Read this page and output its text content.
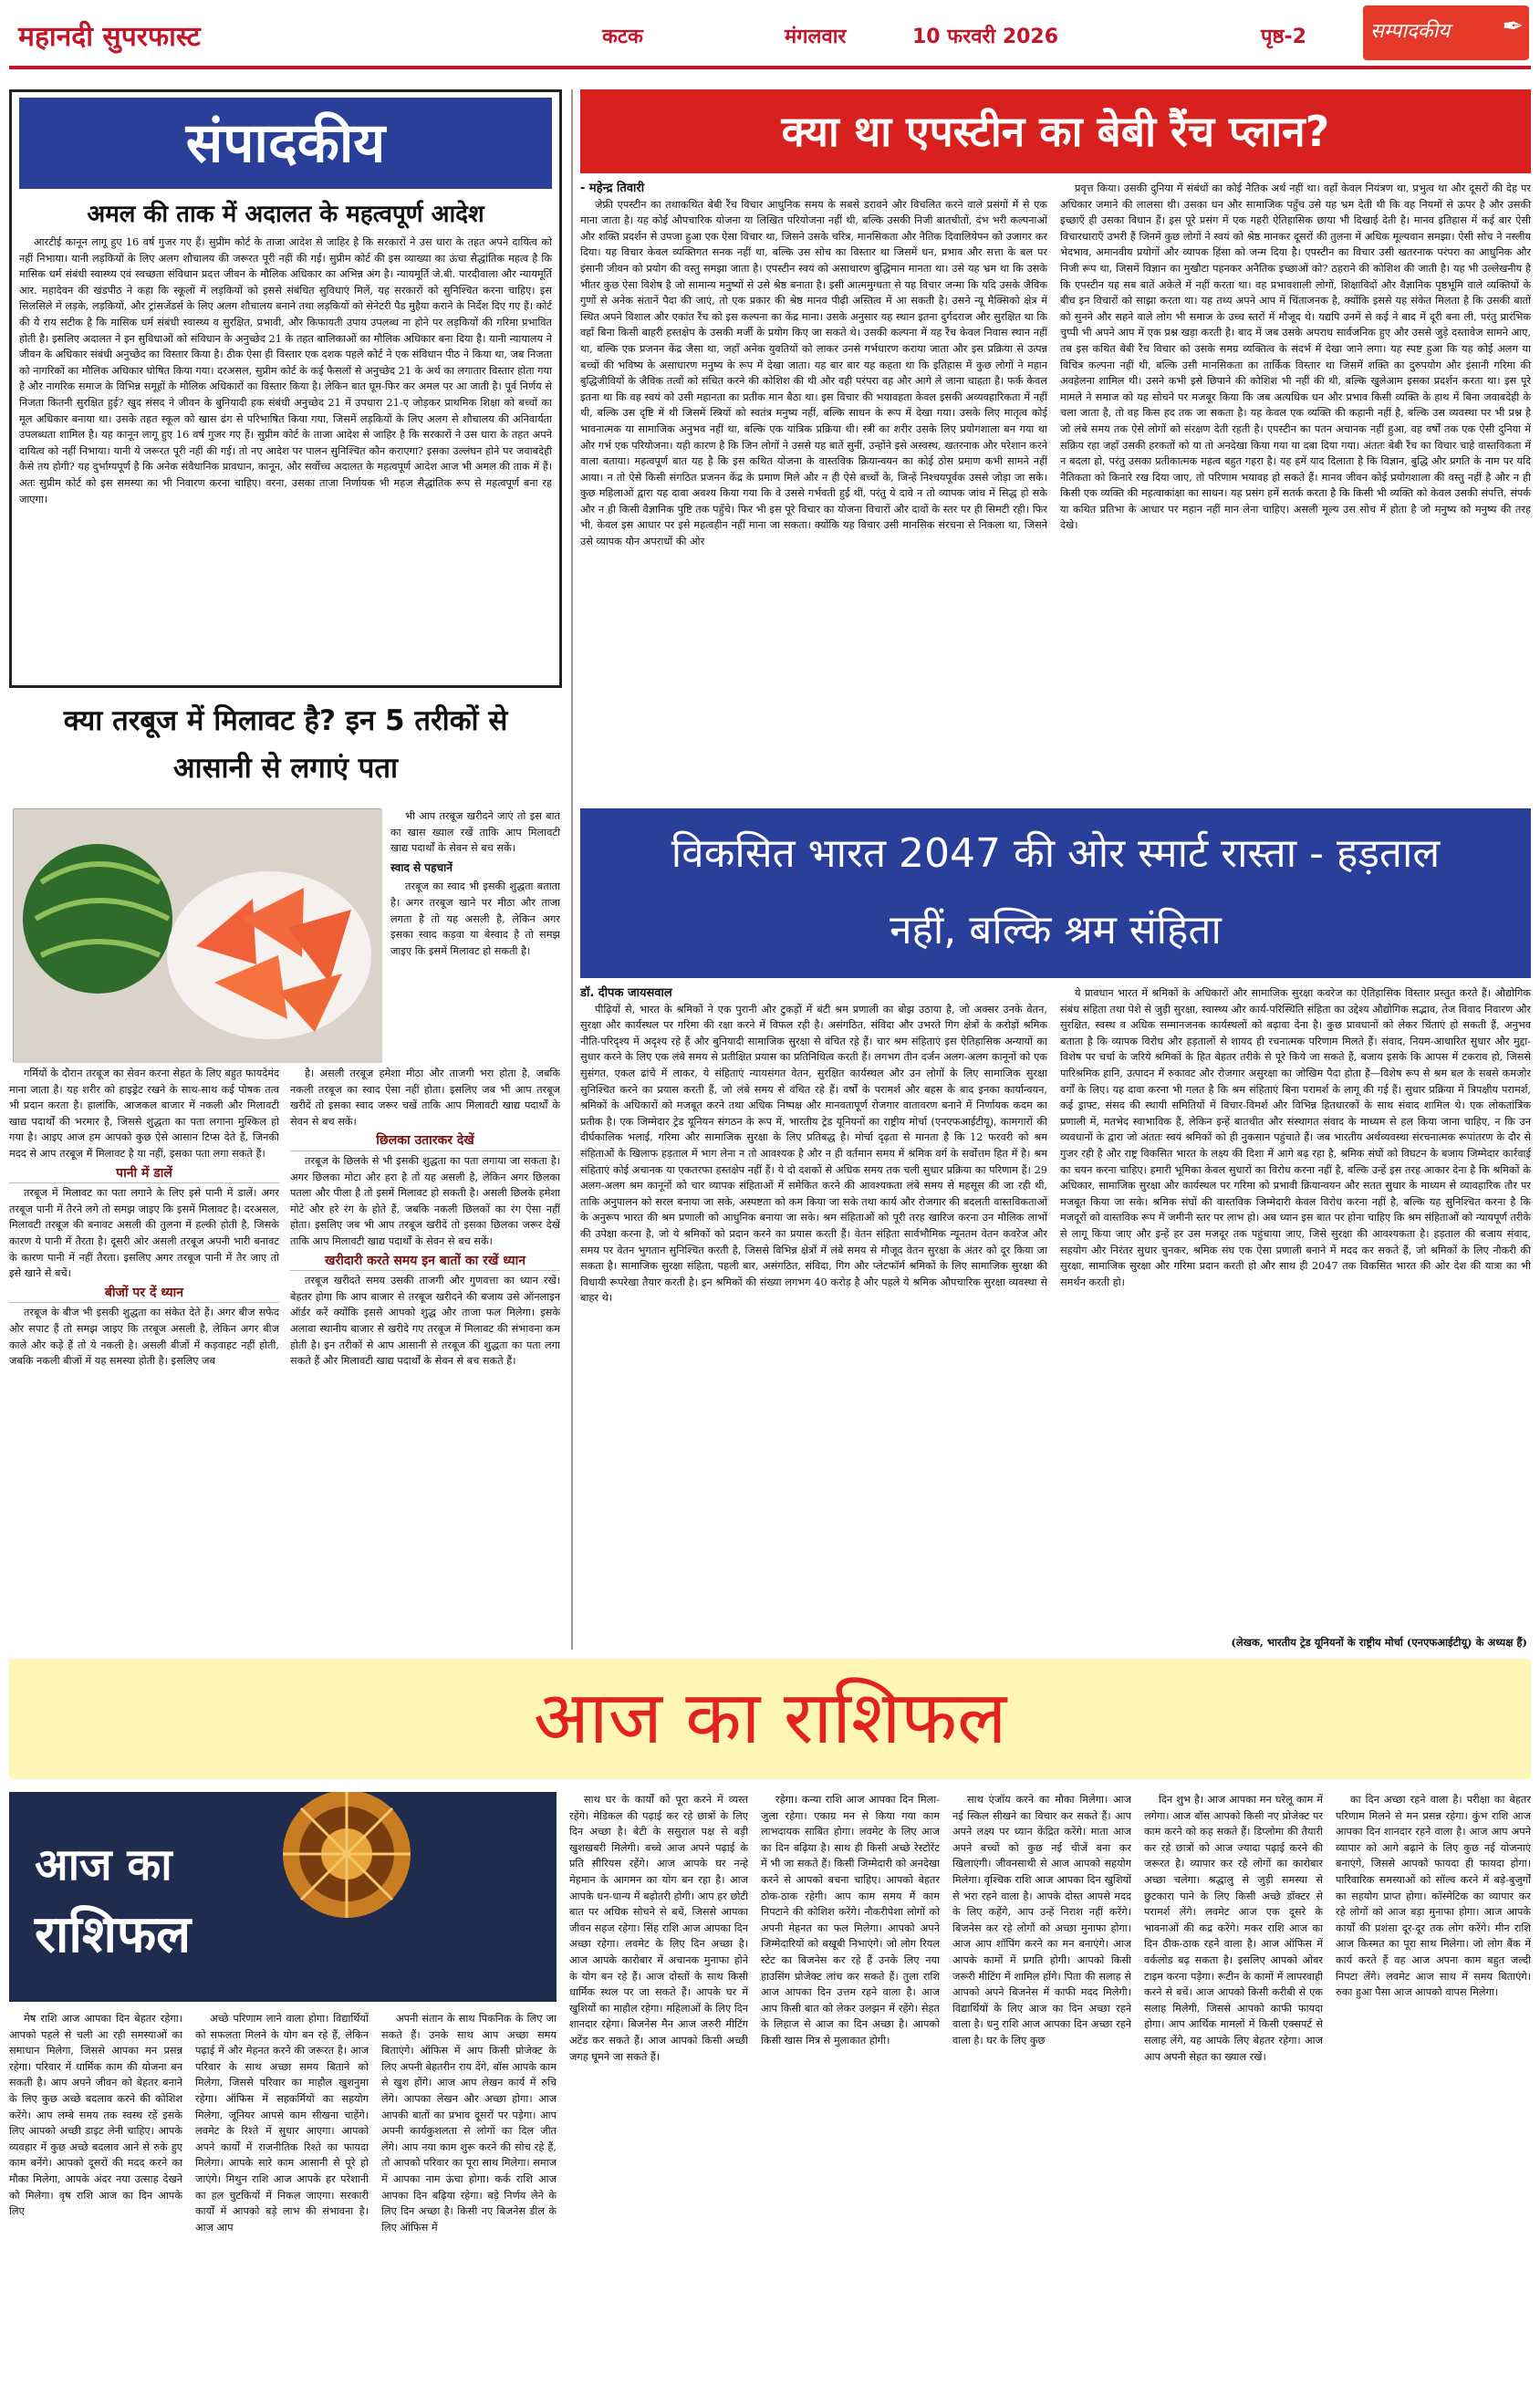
महानदी सुपरफास्ट	कटक	मंगलवार	10 फरवरी 2026	पृष्ठ-2	सम्पादकीय ✒
संपादकीय
अमल की ताक में अदालत के महत्वपूर्ण आदेश

आरटीई कानून लागू हुए 16 वर्ष गुजर गए हैं। सुप्रीम कोर्ट के ताजा आदेश से जाहिर है कि सरकारों ने उस धारा के तहत अपने दायित्व को नहीं निभाया। यानी लड़कियों के लिए अलग शौचालय की जरूरत पूरी नहीं की गई। सुप्रीम कोर्ट की इस व्याख्या का ऊंचा सैद्धांतिक महत्व है कि मासिक धर्म संबंधी स्वास्थ्य एवं स्वच्छता संविधान प्रदत्त जीवन के मौलिक अधिकार का अभिन्न अंग है। न्यायमूर्ति जे.बी. पारदीवाला और न्यायमूर्ति आर. महादेवन की खंडपीठ ने कहा कि स्कूलों में लड़कियों को इससे संबंधित सुविधाएं मिलें, यह सरकारों को सुनिश्चित करना चाहिए। इस सिलसिले में लड़के, लड़कियों, और ट्रांसजेंडर्स के लिए अलग शौचालय बनाने तथा लड़कियों को सेनेटरी पैड मुहैया कराने के निर्देश दिए गए हैं। कोर्ट की ये राय सटीक है कि मासिक धर्म संबंधी स्वास्थ्य व सुरक्षित, प्रभावी, और किफायती उपाय उपलब्ध ना होने पर लड़कियों की गरिमा प्रभावित होती है। इसलिए अदालत ने इन सुविधाओं को संविधान के अनुच्छेद 21 के तहत बालिकाओं का मौलिक अधिकार बना दिया है। यानी न्यायालय ने जीवन के अधिकार संबंधी अनुच्छेद का विस्तार किया है। ठीक ऐसा ही विस्तार एक दशक पहले कोर्ट ने एक संविधान पीठ ने किया था, जब निजता को नागरिकों का मौलिक अधिकार घोषित किया गया। दरअसल, सुप्रीम कोर्ट के कई फैसलों से अनुच्छेद 21 के अर्थ का लगातार विस्तार होता गया है और नागरिक समाज के विभिन्न समूहों के मौलिक अधिकारों का विस्तार किया है। लेकिन बात घूम-फिर कर अमल पर आ जाती है। पूर्व निर्णय से निजता कितनी सुरक्षित हुई? खुद संसद ने जीवन के बुनियादी हक संबंधी अनुच्छेद 21 में उपधारा 21-ए जोड़कर प्राथमिक शिक्षा को बच्चों का मूल अधिकार बनाया था। उसके तहत स्कूल को खास ढंग से परिभाषित किया गया, जिसमें लड़कियों के लिए अलग से शौचालय की अनिवार्यता उपलब्धता शामिल है। यह कानून लागू हुए 16 वर्ष गुजर गए हैं। सुप्रीम कोर्ट के ताजा आदेश से जाहिर है कि सरकारों ने उस धारा के तहत अपने दायित्व को नहीं निभाया। यानी ये जरूरत पूरी नहीं की गई। तो नए आदेश पर पालन सुनिश्चित कौन कराएगा? इसका उल्लंघन होने पर जवाबदेही कैसे तय होगी? यह दुर्भाग्यपूर्ण है कि अनेक संवैधानिक प्रावधान, कानून, और सर्वोच्च अदालत के महत्वपूर्ण आदेश आज भी अमल की ताक में हैं। अतः सुप्रीम कोर्ट को इस समस्या का भी निवारण करना चाहिए। वरना, उसका ताजा निर्णायक भी महज सैद्धांतिक रूप से महत्वपूर्ण बना रह जाएगा।

क्या तरबूज में मिलावट है? इन 5 तरीकों से
आसानी से लगाएं पता

भी आप तरबूज खरीदने जाएं तो इस बात का खास ख्याल रखें ताकि आप मिलावटी खाद्य पदार्थों के सेवन से बच सकें।

स्वाद से पहचानें

तरबूज का स्वाद भी इसकी शुद्धता बताता है। अगर तरबूज खाने पर मीठा और ताजा लगता है तो यह असली है, लेकिन अगर इसका स्वाद कड़वा या बेस्वाद है तो समझ जाइए कि इसमें मिलावट हो सकती है।

गर्मियों के दौरान तरबूज का सेवन करना सेहत के लिए बहुत फायदेमंद माना जाता है। यह शरीर को हाइड्रेट रखने के साथ-साथ कई पोषक तत्व भी प्रदान करता है। हालांकि, आजकल बाजार में नकली और मिलावटी खाद्य पदार्थों की भरमार है, जिससे शुद्धता का पता लगाना मुश्किल हो गया है। आइए आज हम आपको कुछ ऐसे आसान टिप्स देते हैं, जिनकी मदद से आप तरबूज में मिलावट है या नहीं, इसका पता लगा सकते हैं।

पानी में डालें

तरबूज में मिलावट का पता लगाने के लिए इसे पानी में डालें। अगर तरबूज पानी में तैरने लगे तो समझ जाइए कि इसमें मिलावट है। दरअसल, मिलावटी तरबूज की बनावट असली की तुलना में हल्की होती है, जिसके कारण ये पानी में तैरता है। दूसरी ओर असली तरबूज अपनी भारी बनावट के कारण पानी में नहीं तैरता। इसलिए अगर तरबूज पानी में तैर जाए तो इसे खाने से बचें।

बीजों पर दें ध्यान

तरबूज के बीज भी इसकी शुद्धता का संकेत देते हैं। अगर बीज सफेद और सपाट हैं तो समझ जाइए कि तरबूज असली है, लेकिन अगर बीज काले और कड़े हैं तो ये नकली है। असली बीजों में कड़वाहट नहीं होती, जबकि नकली बीजों में यह समस्या होती है। इसलिए जब

है। असली तरबूज हमेशा मीठा और ताजगी भरा होता है, जबकि नकली तरबूज का स्वाद ऐसा नहीं होता। इसलिए जब भी आप तरबूज खरीदें तो इसका स्वाद जरूर चखें ताकि आप मिलावटी खाद्य पदार्थों के सेवन से बच सकें।

छिलका उतारकर देखें

तरबूज के छिलके से भी इसकी शुद्धता का पता लगाया जा सकता है। अगर छिलका मोटा और हरा है तो यह असली है, लेकिन अगर छिलका पतला और पीला है तो इसमें मिलावट हो सकती है। असली छिलके हमेशा मोटे और हरे रंग के होते हैं, जबकि नकली छिलकों का रंग ऐसा नहीं होता। इसलिए जब भी आप तरबूज खरीदें तो इसका छिलका जरूर देखें ताकि आप मिलावटी खाद्य पदार्थों के सेवन से बच सकें।

खरीदारी करते समय इन बातों का रखें ध्यान

तरबूज खरीदते समय उसकी ताजगी और गुणवत्ता का ध्यान रखें। बेहतर होगा कि आप बाजार से तरबूज खरीदने की बजाय उसे ऑनलाइन ऑर्डर करें क्योंकि इससे आपको शुद्ध और ताजा फल मिलेगा। इसके अलावा स्थानीय बाजार से खरीदे गए तरबूज में मिलावट की संभावना कम होती है। इन तरीकों से आप आसानी से तरबूज की शुद्धता का पता लगा सकते हैं और मिलावटी खाद्य पदार्थों के सेवन से बच सकते हैं।

क्या था एपस्टीन का बेबी रैंच प्लान?
- महेन्द्र तिवारी

जेफ्री एपस्टीन का तथाकथित बेबी रैंच विचार आधुनिक समय के सबसे डरावने और विचलित करने वाले प्रसंगों में से एक माना जाता है। यह कोई औपचारिक योजना या लिखित परियोजना नहीं थी, बल्कि उसकी निजी बातचीतों, दंभ भरी कल्पनाओं और शक्ति प्रदर्शन से उपजा हुआ एक ऐसा विचार था, जिसने उसके चरित्र, मानसिकता और नैतिक दिवालियेपन को उजागर कर दिया। यह विचार केवल व्यक्तिगत सनक नहीं था, बल्कि उस सोच का विस्तार था जिसमें धन, प्रभाव और सत्ता के बल पर इंसानी जीवन को प्रयोग की वस्तु समझा जाता है। एपस्टीन स्वयं को असाधारण बुद्धिमान मानता था। उसे यह भ्रम था कि उसके भीतर कुछ ऐसा विशेष है जो सामान्य मनुष्यों से उसे श्रेष्ठ बनाता है। इसी आत्ममुग्धता से यह विचार जन्मा कि यदि उसके जैविक गुणों से अनेक संतानें पैदा की जाएं, तो एक प्रकार की श्रेष्ठ मानव पीढ़ी अस्तित्व में आ सकती है। उसने न्यू मैक्सिको क्षेत्र में स्थित अपने विशाल और एकांत रैंच को इस कल्पना का केंद्र माना। उसके अनुसार यह स्थान इतना दुर्गदराज और सुरक्षित था कि वहाँ बिना किसी बाहरी हस्तक्षेप के उसकी मर्जी के प्रयोग किए जा सकते थे। उसकी कल्पना में यह रैंच केवल निवास स्थान नहीं था, बल्कि एक प्रजनन केंद्र जैसा था, जहाँ अनेक युवतियों को लाकर उनसे गर्भधारण कराया जाता और इस प्रक्रिया से उत्पन्न बच्चों की भविष्य के असाधारण मनुष्य के रूप में देखा जाता। यह बार बार यह कहता था कि इतिहास में कुछ लोगों ने महान बुद्धिजीवियों के जैविक तत्वों को संचित करने की कोशिश की थी और वही परंपरा वह और आगे ले जाना चाहता है। फर्क केवल इतना था कि वह स्वयं को उसी महानता का प्रतीक मान बैठा था। इस विचार की भयावहता केवल इसकी अव्यवहारिकता में नहीं थी, बल्कि उस दृष्टि में थी जिसमें स्त्रियों को स्वतंत्र मनुष्य नहीं, बल्कि साधन के रूप में देखा गया। उसके लिए मातृत्व कोई भावनात्मक या सामाजिक अनुभव नहीं था, बल्कि एक यांत्रिक प्रक्रिया थी। स्त्री का शरीर उसके लिए प्रयोगशाला बन गया था और गर्भ एक परियोजना। यही कारण है कि जिन लोगों ने उससे यह बातें सुनीं, उन्होंने इसे अस्वस्थ, खतरनाक और परेशान करने वाला बताया। महत्वपूर्ण बात यह है कि इस कथित योजना के वास्तविक क्रियान्वयन का कोई ठोस प्रमाण कभी सामने नहीं आया। न तो ऐसे किसी संगठित प्रजनन केंद्र के प्रमाण मिले और न ही ऐसे बच्चों के, जिन्हें निश्चयपूर्वक उससे जोड़ा जा सके। कुछ महिलाओं द्वारा यह दावा अवश्य किया गया कि वे उससे गर्भवती हुई थीं, परंतु ये दावे न तो व्यापक जांच में सिद्ध हो सके और न ही किसी वैज्ञानिक पुष्टि तक पहुँचे। फिर भी इस पूरे विचार का योजना विचारों और दावों के स्तर पर ही सिमटी रही। फिर भी, केवल इस आधार पर इसे महत्वहीन नहीं माना जा सकता। क्योंकि यह विचार उसी मानसिक संरचना से निकला था, जिसने उसे व्यापक यौन अपराधों की ओर

प्रवृत्त किया। उसकी दुनिया में संबंधों का कोई नैतिक अर्थ नहीं था। वहाँ केवल नियंत्रण था, प्रभुत्व था और दूसरों की देह पर अधिकार जमाने की लालसा थी। उसका धन और सामाजिक पहुँच उसे यह भ्रम देती थी कि वह नियमों से ऊपर है और उसकी इच्छाएँ ही उसका विधान हैं। इस पूरे प्रसंग में एक गहरी ऐतिहासिक छाया भी दिखाई देती है। मानव इतिहास में कई बार ऐसी विचारधाराएँ उभरी हैं जिनमें कुछ लोगों ने स्वयं को श्रेष्ठ मानकर दूसरों की तुलना में अधिक मूल्यवान समझा। ऐसी सोच ने नस्लीय भेदभाव, अमानवीय प्रयोगों और व्यापक हिंसा को जन्म दिया है। एपस्टीन का विचार उसी खतरनाक परंपरा का आधुनिक और निजी रूप था, जिसमें विज्ञान का मुखौटा पहनकर अनैतिक इच्छाओं को? ठहराने की कोशिश की जाती है। यह भी उल्लेखनीय है कि एपस्टीन यह सब बातें अकेले में नहीं करता था। वह प्रभावशाली लोगों, शिक्षाविदों और वैज्ञानिक पृष्ठभूमि वाले व्यक्तियों के बीच इन विचारों को साझा करता था। यह तथ्य अपने आप में चिंताजनक है, क्योंकि इससे यह संकेत मिलता है कि उसकी बातों को सुनने और सहने वाले लोग भी समाज के उच्च स्तरों में मौजूद थे। यद्यपि उनमें से कई ने बाद में दूरी बना ली, परंतु प्रारंभिक चुप्पी भी अपने आप में एक प्रश्न खड़ा करती है। बाद में जब उसके अपराध सार्वजनिक हुए और उससे जुड़े दस्तावेज सामने आए, तब इस कथित बेबी रैंच विचार को उसके समग्र व्यक्तित्व के संदर्भ में देखा जाने लगा। यह स्पष्ट हुआ कि यह कोई अलग या विचित्र कल्पना नहीं थी, बल्कि उसी मानसिकता का तार्किक विस्तार था जिसमें शक्ति का दुरुपयोग और इंसानी गरिमा की अवहेलना शामिल थी। उसने कभी इसे छिपाने की कोशिश भी नहीं की थी, बल्कि खुलेआम इसका प्रदर्शन करता था। इस पूरे मामले ने समाज को यह सोचने पर मजबूर किया कि जब अत्यधिक धन और प्रभाव किसी व्यक्ति के हाथ में बिना जवाबदेही के चला जाता है, तो वह किस हद तक जा सकता है। यह केवल एक व्यक्ति की कहानी नहीं है, बल्कि उस व्यवस्था पर भी प्रश्न है जो लंबे समय तक ऐसे लोगों को संरक्षण देती रहती है। एपस्टीन का पतन अचानक नहीं हुआ, वह वर्षों तक एक ऐसी दुनिया में सक्रिय रहा जहाँ उसकी हरकतों को या तो अनदेखा किया गया या दबा दिया गया। अंततः बेबी रैंच का विचार चाहे वास्तविकता में न बदला हो, परंतु उसका प्रतीकात्मक महत्व बहुत गहरा है। यह हमें याद दिलाता है कि विज्ञान, बुद्धि और प्रगति के नाम पर यदि नैतिकता को किनारे रख दिया जाए, तो परिणाम भयावह हो सकते हैं। मानव जीवन कोई प्रयोगशाला की वस्तु नहीं है और न ही किसी एक व्यक्ति की महत्वाकांक्षा का साधन। यह प्रसंग हमें सतर्क करता है कि किसी भी व्यक्ति को केवल उसकी संपत्ति, संपर्क या कथित प्रतिभा के आधार पर महान नहीं मान लेना चाहिए। असली मूल्य उस सोच में होता है जो मनुष्य को मनुष्य की तरह देखे।

विकसित भारत 2047 की ओर स्मार्ट रास्ता - हड़ताल
नहीं, बल्कि श्रम संहिता
डॉ. दीपक जायसवाल

पीढ़ियों से, भारत के श्रमिकों ने एक पुरानी और टुकड़ों में बंटी श्रम प्रणाली का बोझ उठाया है, जो अक्सर उनके वेतन, सुरक्षा और कार्यस्थल पर गरिमा की रक्षा करने में विफल रही है। असंगठित, संविदा और उभरते गिग क्षेत्रों के करोड़ों श्रमिक नीति-परिदृश्य में अदृश्य रहे हैं और बुनियादी सामाजिक सुरक्षा से वंचित रहे हैं। चार श्रम संहिताएं इस ऐतिहासिक अन्यायों का सुधार करने के लिए एक लंबे समय से प्रतीक्षित प्रयास का प्रतिनिधित्व करती हैं। लगभग तीन दर्जन अलग-अलग कानूनों को एक सुसंगत, एकल ढांचे में लाकर, ये संहिताएं न्यायसंगत वेतन, सुरक्षित कार्यस्थल और उन लोगों के लिए सामाजिक सुरक्षा सुनिश्चित करने का प्रयास करती हैं, जो लंबे समय से वंचित रहे हैं। वर्षों के परामर्श और बहस के बाद इनका कार्यान्वयन, श्रमिकों के अधिकारों को मजबूत करने तथा अधिक निष्पक्ष और मानवतापूर्ण रोजगार वातावरण बनाने में निर्णायक कदम का प्रतीक है। एक जिम्मेदार ट्रेड यूनियन संगठन के रूप में, भारतीय ट्रेड यूनियनों का राष्ट्रीय मोर्चा (एनएफआईटीयू), कामगारों की दीर्घकालिक भलाई, गरिमा और सामाजिक सुरक्षा के लिए प्रतिबद्ध है। मोर्चा दृढ़ता से मानता है कि 12 फरवरी को श्रम संहिताओं के खिलाफ हड़ताल में भाग लेना न तो आवश्यक है और न ही वर्तमान समय में श्रमिक वर्ग के सर्वोत्तम हित में है। श्रम संहिताएं कोई अचानक या एकतरफा हस्तक्षेप नहीं हैं। ये दो दशकों से अधिक समय तक चली सुधार प्रक्रिया का परिणाम हैं। 29 अलग-अलग श्रम कानूनों को चार व्यापक संहिताओं में समेकित करने की आवश्यकता लंबे समय से महसूस की जा रही थी, ताकि अनुपालन को सरल बनाया जा सके, अस्पष्टता को कम किया जा सके तथा कार्य और रोजगार की बदलती वास्तविकताओं के अनुरूप भारत की श्रम प्रणाली को आधुनिक बनाया जा सके। श्रम संहिताओं को पूरी तरह खारिज करना उन मौलिक लाभों की उपेक्षा करना है, जो ये श्रमिकों को प्रदान करने का प्रयास करती हैं। वेतन संहिता सार्वभौमिक न्यूनतम वेतन कवरेज और समय पर वेतन भुगतान सुनिश्चित करती है, जिससे विभिन्न क्षेत्रों में लंबे समय से मौजूद वेतन सुरक्षा के अंतर को दूर किया जा सकता है। सामाजिक सुरक्षा संहिता, पहली बार, असंगठित, संविदा, गिग और प्लेटफॉर्म श्रमिकों के लिए सामाजिक सुरक्षा की विधायी रूपरेखा तैयार करती है। इन श्रमिकों की संख्या लगभग 40 करोड़ है और पहले ये श्रमिक औपचारिक सुरक्षा व्यवस्था से बाहर थे।

ये प्रावधान भारत में श्रमिकों के अधिकारों और सामाजिक सुरक्षा कवरेज का ऐतिहासिक विस्तार प्रस्तुत करते हैं। औद्योगिक संबंध संहिता तथा पेशे से जुड़ी सुरक्षा, स्वास्थ्य और कार्य-परिस्थिति संहिता का उद्देश्य औद्योगिक सद्भाव, तेज विवाद निवारण और सुरक्षित, स्वस्थ व अधिक सम्मानजनक कार्यस्थलों को बढ़ावा देना है। कुछ प्रावधानों को लेकर चिंताएं हो सकती हैं, अनुभव बताता है कि व्यापक विरोध और हड़तालों से शायद ही रचनात्मक परिणाम मिलते हैं। संवाद, नियम-आधारित सुधार और मुद्दा-विशेष पर चर्चा के जरिये श्रमिकों के हित बेहतर तरीके से पूरे किये जा सकते हैं, बजाय इसके कि आपस में टकराव हो, जिससे पारिश्रमिक हानि, उत्पादन में रुकावट और रोजगार असुरक्षा का जोखिम पैदा होता है—विशेष रूप से श्रम बल के सबसे कमजोर वर्गों के लिए। यह दावा करना भी गलत है कि श्रम संहिताएं बिना परामर्श के लागू की गई हैं। सुधार प्रक्रिया में त्रिपक्षीय परामर्श, कई ड्राफ्ट, संसद की स्थायी समितियों में विचार-विमर्श और विभिन्न हितधारकों के साथ संवाद शामिल थे। एक लोकतांत्रिक प्रणाली में, मतभेद स्वाभाविक हैं, लेकिन इन्हें बातचीत और संस्थागत संवाद के माध्यम से हल किया जाना चाहिए, न कि उन व्यवधानों के द्वारा जो अंततः स्वयं श्रमिकों को ही नुकसान पहुंचाते हैं। जब भारतीय अर्थव्यवस्था संरचनात्मक रूपांतरण के दौर से गुजर रही है और राष्ट्र विकसित भारत के लक्ष्य की दिशा में आगे बढ़ रहा है, श्रमिक संघों को विघटन के बजाय जिम्मेदार कार्रवाई का चयन करना चाहिए। हमारी भूमिका केवल सुधारों का विरोध करना नहीं है, बल्कि उन्हें इस तरह आकार देना है कि श्रमिकों के अधिकार, सामाजिक सुरक्षा और कार्यस्थल पर गरिमा को प्रभावी क्रियान्वयन और सतत सुधार के माध्यम से व्यावहारिक तौर पर मजबूत किया जा सके। श्रमिक संघों की वास्तविक जिम्मेदारी केवल विरोध करना नहीं है, बल्कि यह सुनिश्चित करना है कि मजदूरों को वास्तविक रूप में जमीनी स्तर पर लाभ हो। अब ध्यान इस बात पर होना चाहिए कि श्रम संहिताओं को न्यायपूर्ण तरीके से लागू किया जाए और इन्हें हर उस मजदूर तक पहुंचाया जाए, जिसे सुरक्षा की आवश्यकता है। हड़ताल की बजाय संवाद, सहयोग और निरंतर सुधार चुनकर, श्रमिक संघ एक ऐसा प्रणाली बनाने में मदद कर सकते हैं, जो श्रमिकों के लिए नौकरी की सुरक्षा, सामाजिक सुरक्षा और गरिमा प्रदान करती हो और साथ ही 2047 तक विकसित भारत की ओर देश की यात्रा का भी समर्थन करती हो।

(लेखक, भारतीय ट्रेड यूनियनों के राष्ट्रीय मोर्चा (एनएफआईटीयू) के अध्यक्ष हैं)
आज का राशिफल
आज का
राशिफल

मेष राशि आज आपका दिन बेहतर रहेगा। आपको पहले से चली आ रही समस्याओं का समाधान मिलेगा, जिससे आपका मन प्रसन्न रहेगा। परिवार में धार्मिक काम की योजना बन सकती है। आप अपने जीवन को बेहतर बनाने के लिए कुछ अच्छे बदलाव करने की कोशिश करेंगे। आप लम्बे समय तक स्वस्थ रहें इसके लिए आपको अच्छी डाइट लेनी चाहिए। आपके व्यवहार में कुछ अच्छे बदलाव आने से रुके हुए काम बनेंगे। आपको दूसरों की मदद करने का मौका मिलेगा, आपके अंदर नया उत्साह देखने को मिलेगा। वृष राशि आज का दिन आपके लिए

अच्छे परिणाम लाने वाला होगा। विद्यार्थियों को सफलता मिलने के योग बन रहे हैं, लेकिन पढ़ाई में और मेहनत करने की जरूरत है। आज परिवार के साथ अच्छा समय बिताने को मिलेगा, जिससे परिवार का माहौल खुशनुमा रहेगा। ऑफिस में सहकर्मियों का सहयोग मिलेगा, जूनियर आपसे काम सीखना चाहेंगे। लवमेट के रिश्ते में सुधार आएगा। आपको अपने कार्यों में राजनीतिक रिश्ते का फायदा मिलेगा। आपके सारे काम आसानी से पूरे हो जाएंगे। मिथुन राशि आज आपके हर परेशानी का हल चुटकियों में निकल जाएगा। सरकारी कार्यों में आपको बड़े लाभ की संभावना है। आज आप

अपनी संतान के साथ पिकनिक के लिए जा सकते हैं। उनके साथ आप अच्छा समय बिताएंगे। ऑफिस में आप किसी प्रोजेक्ट के लिए अपनी बेहतरीन राय देंगे, बॉस आपके काम से खुश होंगे। आज आप लेखन कार्य में रुचि लेंगे। आपका लेखन और अच्छा होगा। आज आपकी बातों का प्रभाव दूसरों पर पड़ेगा। आप अपनी कार्यकुशलता से लोगों का दिल जीत लेंगे। आप नया काम शुरू करने की सोच रहे हैं, तो आपको परिवार का पूरा साथ मिलेगा। समाज में आपका नाम ऊंचा होगा। कर्क राशि आज आपका दिन बढ़िया रहेगा। बड़े निर्णय लेने के लिए दिन अच्छा है। किसी नए बिजनेस डील के लिए ऑफिस में

साथ घर के कार्यों को पूरा करने में व्यस्त रहेंगे। मेडिकल की पढ़ाई कर रहे छात्रों के लिए दिन अच्छा है। बेटी के ससुराल पक्ष से बड़ी खुशखबरी मिलेगी। बच्चे आज अपने पढ़ाई के प्रति सीरियस रहेंगे। आज आपके घर नन्हे मेहमान के आगमन का योग बन रहा है। आज आपके धन-धान्य में बढ़ोतरी होगी। आप हर छोटी बात पर अधिक सोचने से बचें, जिससे आपका जीवन सहज रहेगा। सिंह राशि आज आपका दिन अच्छा रहेगा। लवमेट के लिए दिन अच्छा है। आज आपके कारोबार में अचानक मुनाफा होने के योग बन रहे हैं। आज दोस्तों के साथ किसी धार्मिक स्थल पर जा सकते हैं। आपके घर में खुशियों का माहौल रहेगा। महिलाओं के लिए दिन शानदार रहेगा। बिजनेस मैन आज जरुरी मीटिंग अटेंड कर सकते हैं। आज आपको किसी अच्छी जगह घूमने जा सकते हैं।

रहेगा। कन्या राशि आज आपका दिन मिला-जुला रहेगा। एकाग्र मन से किया गया काम लाभदायक साबित होगा। लवमेट के लिए आज का दिन बढ़िया है। साथ ही किसी अच्छे रेस्टोरेंट में भी जा सकते हैं। किसी जिम्मेदारी को अनदेखा करने से आपको बचना चाहिए। आपको बेहतर ठोक-ठाक रहेगी। आप काम समय में काम निपटाने की कोशिश करेंगे। नौकरीपेशा लोगों को अपनी मेहनत का फल मिलेगा। आपको अपने जिम्मेदारियों को बखूबी निभाएंगे। जो लोग रियल स्टेट का बिजनेस कर रहे हैं उनके लिए नया हाउसिंग प्रोजेक्ट लांच कर सकते हैं। तुला राशि आज आपका दिन उत्तम रहने वाला है। आज आप किसी बात को लेकर उलझन में रहेंगे। सेहत के लिहाज से आज का दिन अच्छा है। आपको किसी खास मित्र से मुलाकात होगी।

साथ एंजॉय करने का मौका मिलेगा। आज नई स्किल सीखने का विचार कर सकते हैं। आप अपने लक्ष्य पर ध्यान केंद्रित करेंगे। माता आज अपने बच्चों को कुछ नई चीजें बना कर खिलाएंगी। जीवनसाथी से आज आपको सहयोग मिलेगा। वृश्चिक राशि आज आपका दिन खुशियों से भरा रहने वाला है। आपके दोस्त आपसे मदद के लिए कहेंगे, आप उन्हें निराश नहीं करेंगे। बिजनेस कर रहे लोगों को अच्छा मुनाफा होगा। आज आप शॉपिंग करने का मन बनाएंगे। आज आपके कामों में प्रगति होगी। आपको किसी जरूरी मीटिंग में शामिल होंगे। पिता की सलाह से आपको अपने बिजनेस में काफी मदद मिलेगी। विद्यार्थियों के लिए आज का दिन अच्छा रहने वाला है। धनु राशि आज आपका दिन अच्छा रहने वाला है। घर के लिए कुछ

दिन शुभ है। आज आपका मन घरेलू काम में लगेगा। आज बॉस आपको किसी नए प्रोजेक्ट पर काम करने को कह सकते हैं। डिप्लोमा की तैयारी कर रहे छात्रों को आज ज्यादा पढ़ाई करने की जरूरत है। व्यापार कर रहे लोगों का कारोबार अच्छा चलेगा। श्रद्धालु से जुड़ी समस्या से छुटकारा पाने के लिए किसी अच्छे डॉक्टर से परामर्श लेंगे। लवमेट आज एक दूसरे के भावनाओं की कद्र करेंगे। मकर राशि आज का दिन ठीक-ठाक रहने वाला है। आज ऑफिस में वर्कलोड बढ़ सकता है। इसलिए आपको ओवर टाइम करना पड़ेगा। रूटीन के कामों में लापरवाही करने से बचें। आज आपको किसी करीबी से एक सलाह मिलेगी, जिससे आपको काफी फायदा होगा। आप आर्थिक मामलों में किसी एक्सपर्ट से सलाह लेंगे, यह आपके लिए बेहतर रहेगा। आज आप अपनी सेहत का ख्याल रखें।

का दिन अच्छा रहने वाला है। परीक्षा का बेहतर परिणाम मिलने से मन प्रसन्न रहेगा। कुंभ राशि आज आपका दिन शानदार रहने वाला है। आज आप अपने व्यापार को आगे बढ़ाने के लिए कुछ नई योजनाएं बनाएंगे, जिससे आपको फायदा ही फायदा होगा। पारिवारिक समस्याओं को सॉल्व करने में बड़े-बुजुर्गों का सहयोग प्राप्त होगा। कॉस्मेटिक का व्यापार कर रहे लोगों को आज बड़ा मुनाफा होगा। आज आपके कार्यों की प्रशंसा दूर-दूर तक लोग करेंगे। मीन राशि आज किस्मत का पूरा साथ मिलेगा। जो लोग बैंक में कार्य करते हैं वह आज अपना काम बहुत जल्दी निपटा लेंगे। लवमेट आज साथ में समय बिताएंगे। रुका हुआ पैसा आज आपको वापस मिलेगा।
